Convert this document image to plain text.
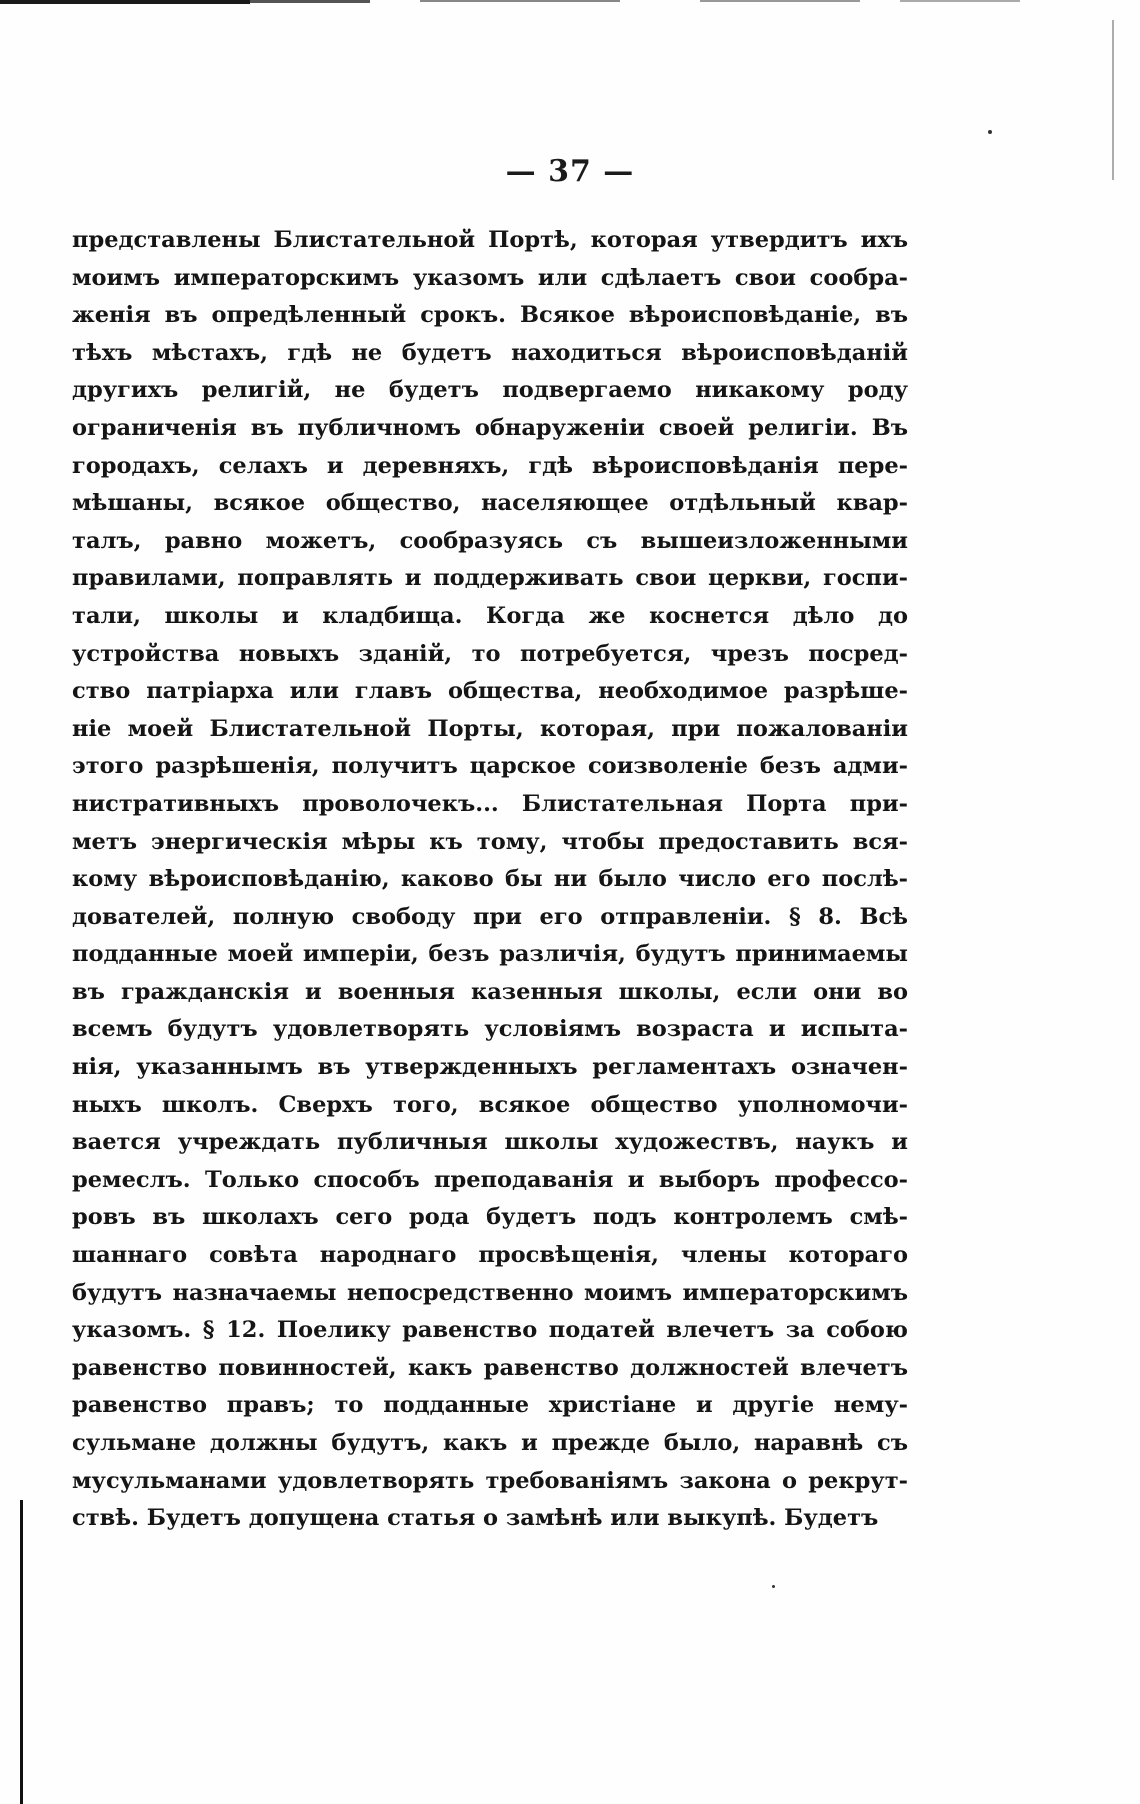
— 37 —
представлены Блистательной Портѣ, которая утвердитъ ихъ
моимъ императорскимъ указомъ или сдѣлаетъ свои сообра-
женія въ опредѣленный срокъ. Всякое вѣроисповѣданіе, въ
тѣхъ мѣстахъ, гдѣ не будетъ находиться вѣроисповѣданій
другихъ религій, не будетъ подвергаемо никакому роду
ограниченія въ публичномъ обнаруженіи своей религіи. Въ
городахъ, селахъ и деревняхъ, гдѣ вѣроисповѣданія пере-
мѣшаны, всякое общество, населяющее отдѣльный квар-
талъ, равно можетъ, сообразуясь съ вышеизложенными
правилами, поправлять и поддерживать свои церкви, госпи-
тали, школы и кладбища. Когда же коснется дѣло до
устройства новыхъ зданій, то потребуется, чрезъ посред-
ство патріарха или главъ общества, необходимое разрѣше-
ніе моей Блистательной Порты, которая, при пожалованіи
этого разрѣшенія, получитъ царское соизволеніе безъ адми-
нистративныхъ проволочекъ... Блистательная Порта при-
метъ энергическія мѣры къ тому, чтобы предоставить вся-
кому вѣроисповѣданію, каково бы ни было число его послѣ-
дователей, полную свободу при его отправленіи. § 8. Всѣ
подданные моей имперіи, безъ различія, будутъ принимаемы
въ гражданскія и военныя казенныя школы, если они во
всемъ будутъ удовлетворять условіямъ возраста и испыта-
нія, указаннымъ въ утвержденныхъ регламентахъ означен-
ныхъ школъ. Сверхъ того, всякое общество уполномочи-
вается учреждать публичныя школы художествъ, наукъ и
ремеслъ. Только способъ преподаванія и выборъ профессо-
ровъ въ школахъ сего рода будетъ подъ контролемъ смѣ-
шаннаго совѣта народнаго просвѣщенія, члены котораго
будутъ назначаемы непосредственно моимъ императорскимъ
указомъ. § 12. Поелику равенство податей влечетъ за собою
равенство повинностей, какъ равенство должностей влечетъ
равенство правъ; то подданные христіане и другіе нему-
сульмане должны будутъ, какъ и прежде было, наравнѣ съ
мусульманами удовлетворять требованіямъ закона о рекрут-
ствѣ. Будетъ допущена статья о замѣнѣ или выкупѣ. Будетъ
